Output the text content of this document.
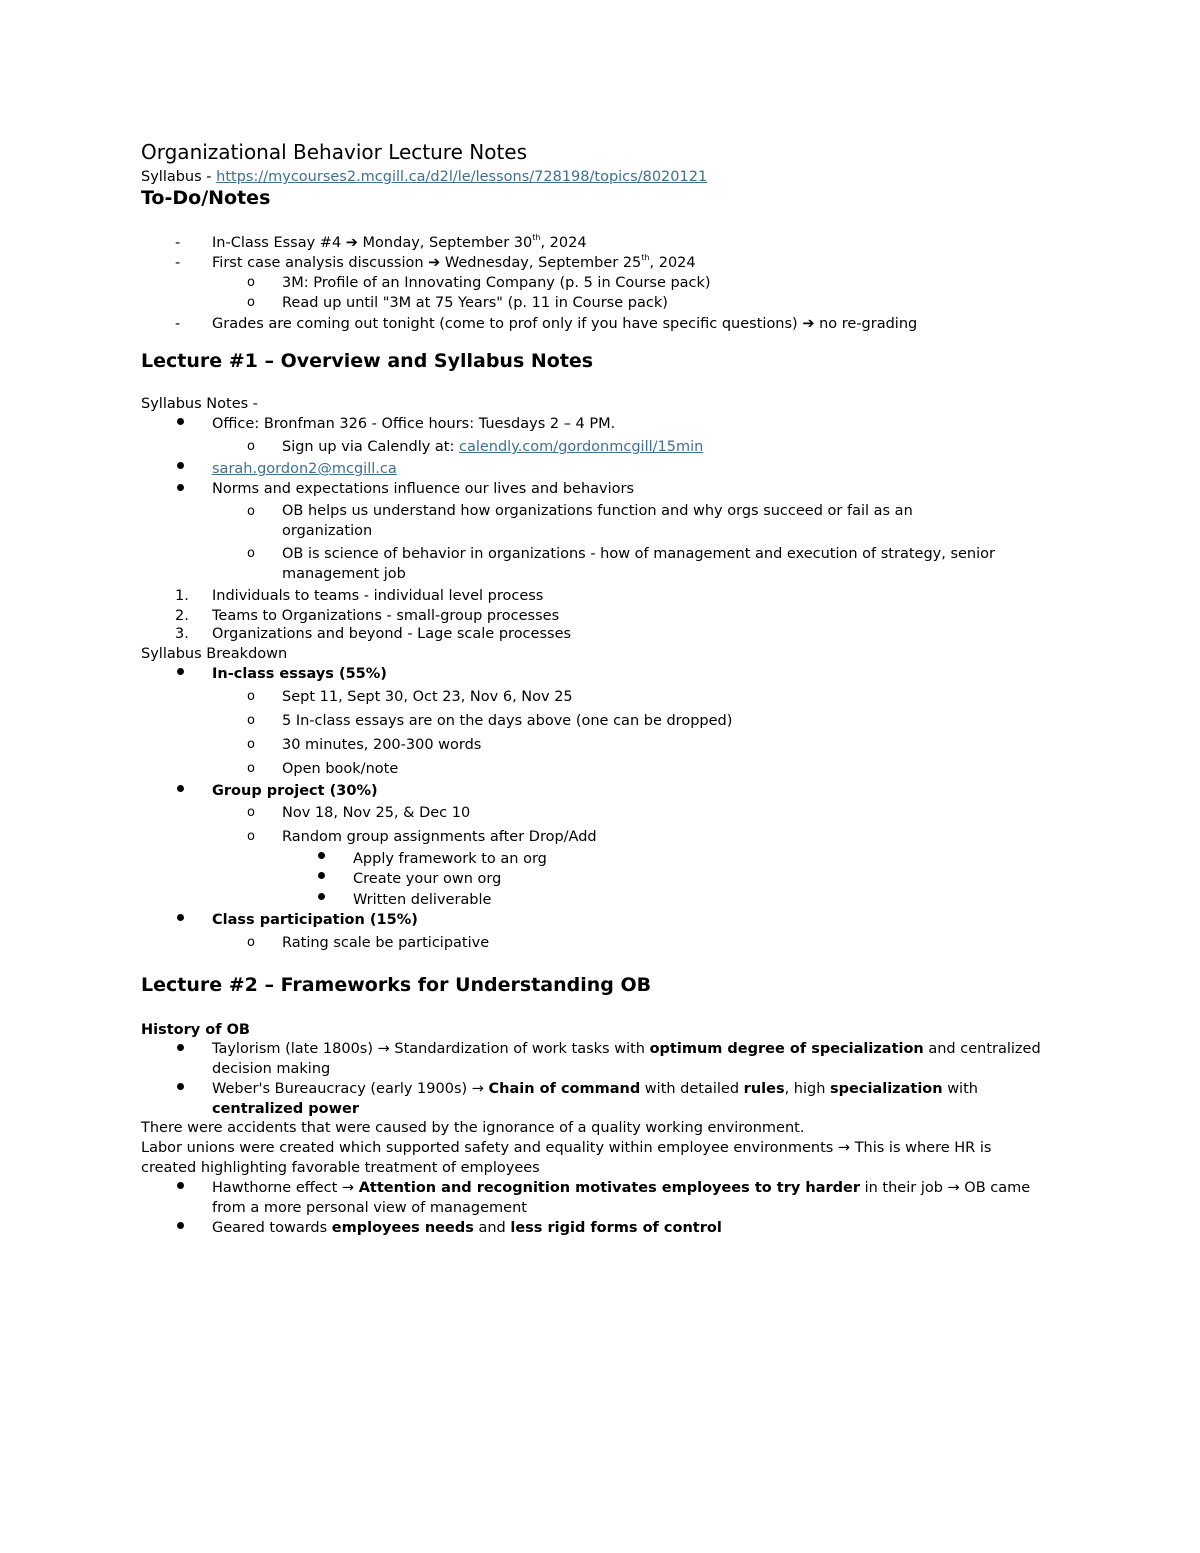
Organizational Behavior Lecture Notes
Syllabus - https://mycourses2.mcgill.ca/d2l/le/lessons/728198/topics/8020121
To-Do/Notes
- In-Class Essay #4 ➔ Monday, September 30th, 2024
- First case analysis discussion ➔ Wednesday, September 25th, 2024
o 3M: Profile of an Innovating Company (p. 5 in Course pack)
o Read up until "3M at 75 Years" (p. 11 in Course pack)
- Grades are coming out tonight (come to prof only if you have specific questions) ➔ no re-grading
Lecture #1 – Overview and Syllabus Notes
Syllabus Notes -
Office: Bronfman 326 - Office hours: Tuesdays 2 – 4 PM.
o Sign up via Calendly at: calendly.com/gordonmcgill/15min
sarah.gordon2@mcgill.ca
Norms and expectations influence our lives and behaviors
o OB helps us understand how organizations function and why orgs succeed or fail as an organization
o OB is science of behavior in organizations - how of management and execution of strategy, senior management job
1. Individuals to teams - individual level process
2. Teams to Organizations - small-group processes
3. Organizations and beyond - Lage scale processes
Syllabus Breakdown
In-class essays (55%)
o Sept 11, Sept 30, Oct 23, Nov 6, Nov 25
o 5 In-class essays are on the days above (one can be dropped)
o 30 minutes, 200-300 words
o Open book/note
Group project (30%)
o Nov 18, Nov 25, & Dec 10
o Random group assignments after Drop/Add
Apply framework to an org
Create your own org
Written deliverable
Class participation (15%)
o Rating scale be participative
Lecture #2 – Frameworks for Understanding OB
History of OB
Taylorism (late 1800s) → Standardization of work tasks with optimum degree of specialization and centralized decision making
Weber's Bureaucracy (early 1900s) → Chain of command with detailed rules, high specialization with centralized power
There were accidents that were caused by the ignorance of a quality working environment.
Labor unions were created which supported safety and equality within employee environments → This is where HR is created highlighting favorable treatment of employees
Hawthorne effect → Attention and recognition motivates employees to try harder in their job → OB came from a more personal view of management
Geared towards employees needs and less rigid forms of control
